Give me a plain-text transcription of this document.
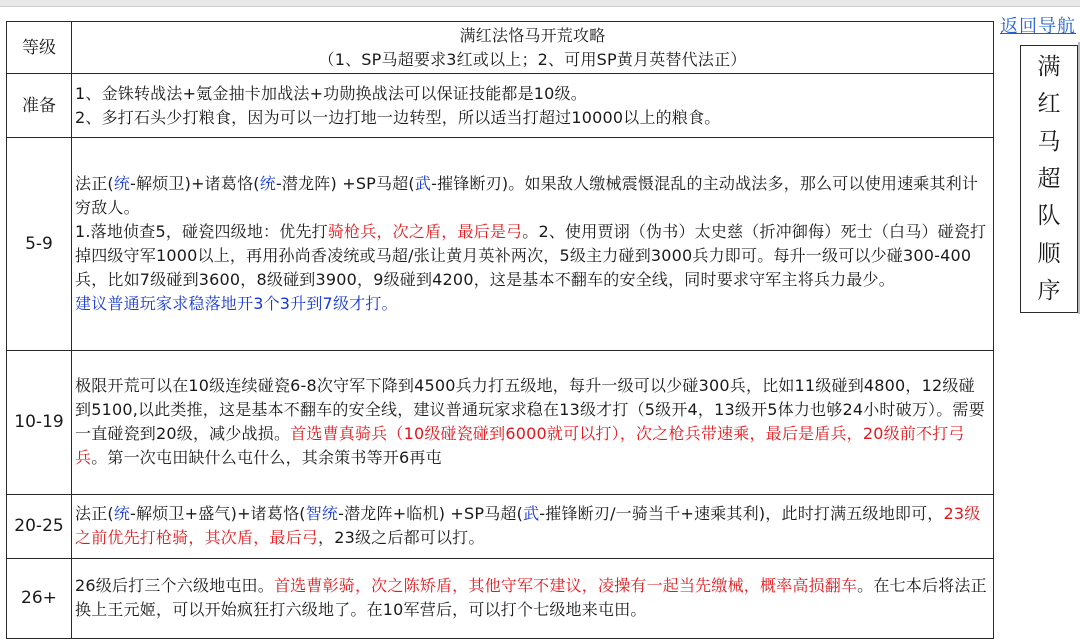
等级	满红法恪马开荒攻略
（1、SP马超要求3红或以上；2、可用SP黄月英替代法正）

准备	1、金铢转战法+氪金抽卡加战法+功勋换战法可以保证技能都是10级。
2、多打石头少打粮食，因为可以一边打地一边转型，所以适当打超过10000以上的粮食。

5-9	法正(统-解烦卫)+诸葛恪(统-潜龙阵) +SP马超(武-摧锋断刃)。如果敌人缴械震慑混乱的主动战法多，那么可以使用速乘其利计穷敌人。
1.落地侦查5，碰瓷四级地：优先打骑枪兵，次之盾，最后是弓。2、使用贾诩（伪书）太史慈（折冲御侮）死士（白马）碰瓷打掉四级守军1000以上，再用孙尚香凌统或马超/张让黄月英补两次，5级主力碰到3000兵力即可。每升一级可以少碰300-400兵，比如7级碰到3600，8级碰到3900，9级碰到4200，这是基本不翻车的安全线，同时要求守军主将兵力最少。
建议普通玩家求稳落地开3个3升到7级才打。

10-19	极限开荒可以在10级连续碰瓷6-8次守军下降到4500兵力打五级地，每升一级可以少碰300兵，比如11级碰到4800，12级碰到5100,以此类推，这是基本不翻车的安全线，建议普通玩家求稳在13级才打（5级开4，13级开5体力也够24小时破万）。需要一直碰瓷到20级，减少战损。首选曹真骑兵（10级碰瓷碰到6000就可以打），次之枪兵带速乘，最后是盾兵，20级前不打弓兵。第一次屯田缺什么屯什么，其余策书等开6再屯

20-25	法正(统-解烦卫+盛气)+诸葛恪(智统-潜龙阵+临机) +SP马超(武-摧锋断刃/一骑当千+速乘其利)，此时打满五级地即可，23级之前优先打枪骑，其次盾，最后弓，23级之后都可以打。

26+	26级后打三个六级地屯田。首选曹彰骑，次之陈矫盾，其他守军不建议，凌操有一起当先缴械，概率高损翻车。在七本后将法正换上王元姬，可以开始疯狂打六级地了。在10军营后，可以打个七级地来屯田。
返回导航
满
红
马
超
队
顺
序
